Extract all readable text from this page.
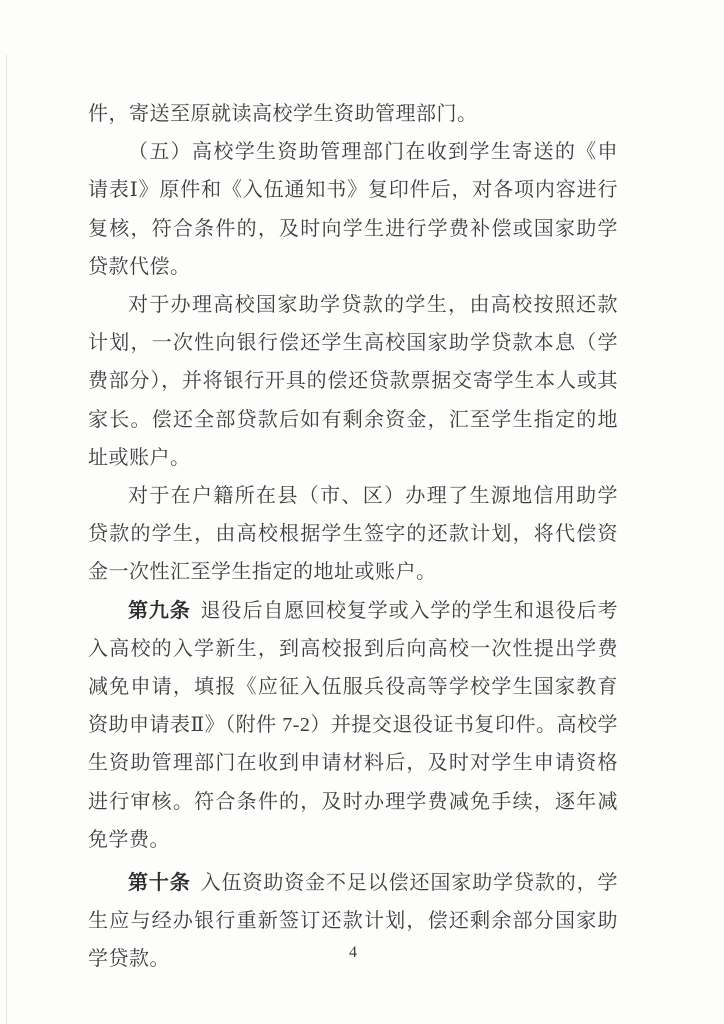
件，寄送至原就读高校学生资助管理部门。

（五）高校学生资助管理部门在收到学生寄送的《申请表Ⅰ》原件和《入伍通知书》复印件后，对各项内容进行复核，符合条件的，及时向学生进行学费补偿或国家助学贷款代偿。

对于办理高校国家助学贷款的学生，由高校按照还款计划，一次性向银行偿还学生高校国家助学贷款本息（学费部分），并将银行开具的偿还贷款票据交寄学生本人或其家长。偿还全部贷款后如有剩余资金，汇至学生指定的地址或账户。

对于在户籍所在县（市、区）办理了生源地信用助学贷款的学生，由高校根据学生签字的还款计划，将代偿资金一次性汇至学生指定的地址或账户。

第九条 退役后自愿回校复学或入学的学生和退役后考入高校的入学新生，到高校报到后向高校一次性提出学费减免申请，填报《应征入伍服兵役高等学校学生国家教育资助申请表Ⅱ》（附件 7-2）并提交退役证书复印件。高校学生资助管理部门在收到申请材料后，及时对学生申请资格进行审核。符合条件的，及时办理学费减免手续，逐年减免学费。

第十条 入伍资助资金不足以偿还国家助学贷款的，学生应与经办银行重新签订还款计划，偿还剩余部分国家助学贷款。	4
